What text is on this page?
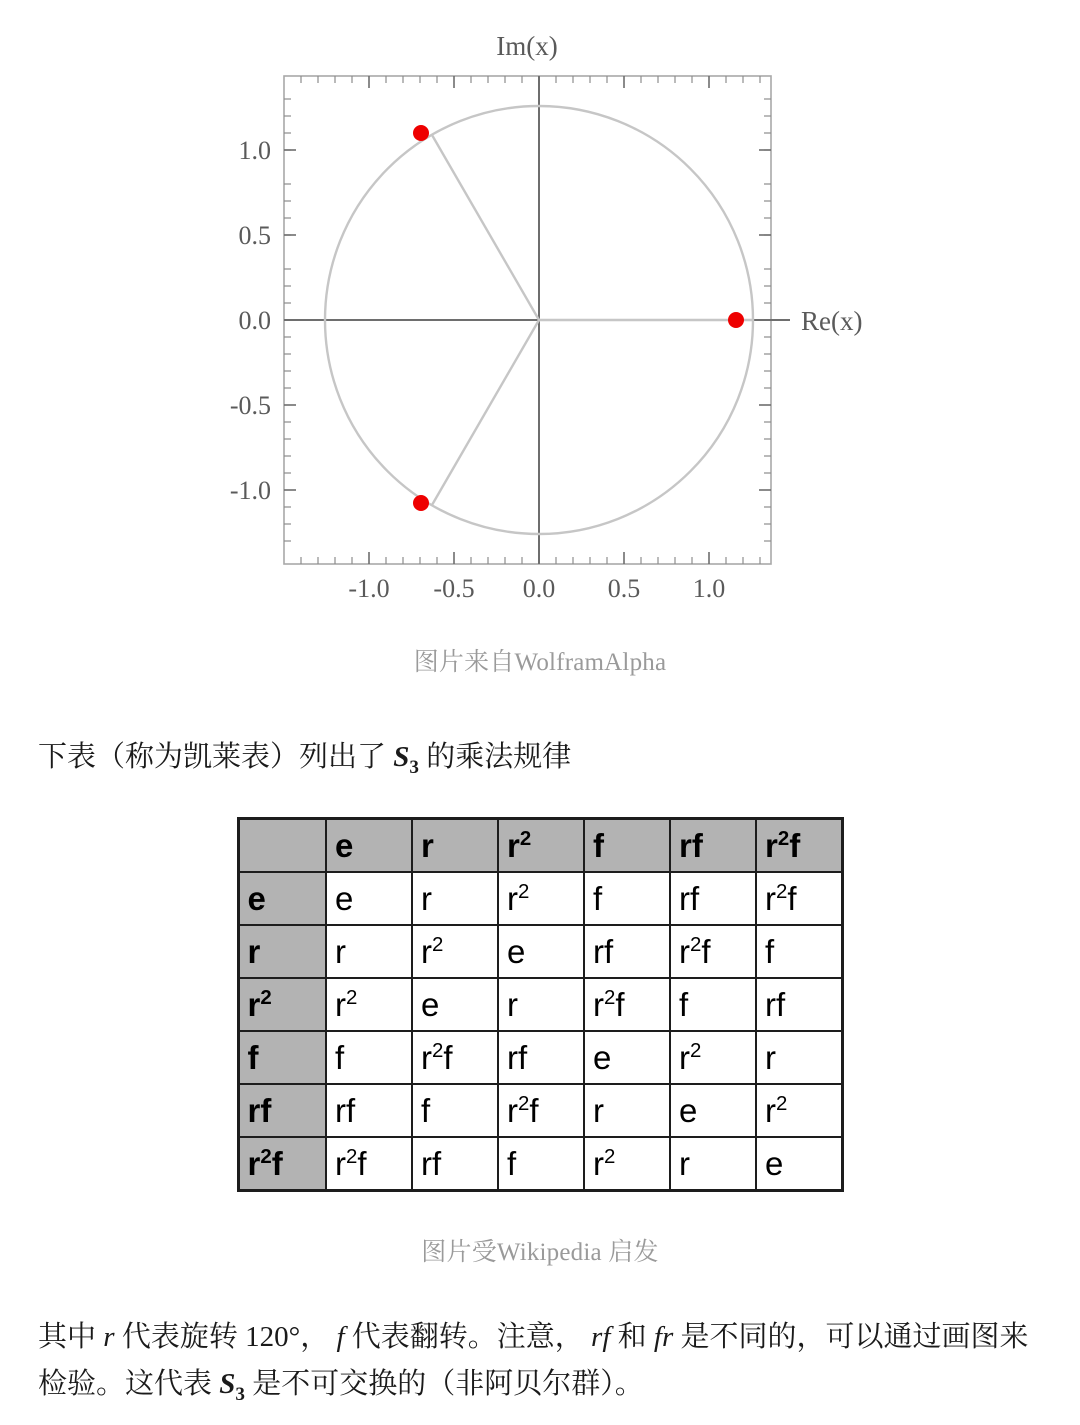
Im(x)
1.0
0.5
0.0
-0.5
-1.0
-1.0 -0.5 0.0 0.5 1.0
Re(x)
图片来自WolframAlpha

下表（称为凯莱表）列出了 $S_3$ 的乘法规律

	e	r	$r^2$	f	rf	$r^2f$
e	e	r	$r^2$	f	rf	$r^2f$
r	r	$r^2$	e	rf	$r^2f$	f
$r^2$	$r^2$	e	r	$r^2f$	f	rf
f	f	$r^2f$	rf	e	$r^2$	r
rf	rf	f	$r^2f$	r	e	$r^2$
$r^2f$	$r^2f$	rf	f	$r^2$	r	e
图片受Wikipedia 启发

其中 r 代表旋转 120°， f 代表翻转。注意， rf 和 fr 是不同的，可以通过画图来检验。这代表 $S_3$ 是不可交换的（非阿贝尔群）。
